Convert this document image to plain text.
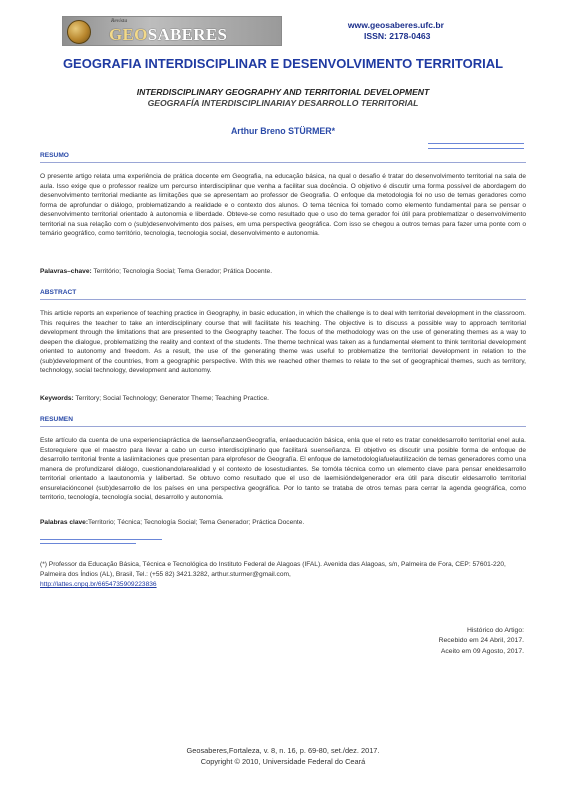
Revista
GEOSABERES	www.geosaberes.ufc.br
ISSN: 2178-0463
GEOGRAFIA INTERDISCIPLINAR E DESENVOLVIMENTO TERRITORIAL
INTERDISCIPLINARY GEOGRAPHY AND TERRITORIAL DEVELOPMENT
GEOGRAFÍA INTERDISCIPLINARIAY DESARROLLO TERRITORIAL
Arthur Breno STÜRMER*
RESUMO
O presente artigo relata uma experiência de prática docente em Geografia, na educação básica, na qual o desafio é tratar do desenvolvimento territorial na sala de aula. Isso exige que o professor realize um percurso interdisciplinar que venha a facilitar sua docência. O objetivo é discutir uma forma possível de abordagem do desenvolvimento territorial mediante as limitações que se apresentam ao professor de Geografia. O enfoque da metodologia foi no uso de temas geradores como forma de aprofundar o diálogo, problematizando a realidade e o contexto dos alunos. O tema técnica foi tomado como elemento fundamental para se pensar o desenvolvimento territorial orientado à autonomia e liberdade. Obteve-se como resultado que o uso do tema gerador foi útil para problematizar o desenvolvimento territorial na sua relação com o (sub)desenvolvimento dos países, em uma perspectiva geográfica. Com isso se chegou a outros temas para fazer uma ponte com o temário geográfico, como território, tecnologia, tecnologia social, desenvolvimento e autonomia.
Palavras–chave: Território; Tecnologia Social; Tema Gerador; Prática Docente.
ABSTRACT
This article reports an experience of teaching practice in Geography, in basic education, in which the challenge is to deal with territorial development in the classroom. This requires the teacher to take an interdisciplinary course that will facilitate his teaching. The objective is to discuss a possible way to approach territorial development through the limitations that are presented to the Geography teacher. The focus of the methodology was on the use of generating themes as a way to deepen the dialogue, problematizing the reality and context of the students. The theme technical was taken as a fundamental element to think territorial development oriented to autonomy and freedom. As a result, the use of the generating theme was useful to problematize the territorial development in relation to the (sub)development of the countries, from a geographic perspective. With this we reached other themes to relate to the set of geographical themes, such as territory, technology, social technology, development and autonomy.
Keywords: Territory; Social Technology; Generator Theme; Teaching Practice.
RESUMEN
Este artículo da cuenta de una experienciapráctica de laenseñanzaenGeografía, enlaeducación básica, enla que el reto es tratar coneldesarrollo territorial enel aula. Estorequiere que el maestro para llevar a cabo un curso interdisciplinario que facilitará suenseñanza. El objetivo es discutir una posible forma de enfoque de desarrollo territorial frente a laslimitaciones que presentan para elprofesor de Geografía. El enfoque de lametodologíafuelautilización de temas generadores como una manera de profundizarel diálogo, cuestionandolarealidad y el contexto de losestudiantes. Se tomóla técnica como un elemento clave para pensar eneldesarrollo territorial orientado a laautonomía y lalibertad. Se obtuvo como resultado que el uso de laemisióndelgenerador era útil para discutir eldesarrollo territorial ensurelaciónconel (sub)desarrollo de los países en una perspectiva geográfica. Por lo tanto se trataba de otros temas para cerrar la agenda geográfica, como territorio, tecnología, tecnología social, desarrollo y autonomía.
Palabras clave:Territorio; Técnica; Tecnología Social; Tema Generador; Práctica Docente.
(*) Professor da Educação Básica, Técnica e Tecnológica do Instituto Federal de Alagoas (IFAL). Avenida das Alagoas, s/n, Palmeira de Fora, CEP: 57601-220, Palmeira dos Índios (AL), Brasil, Tel.: (+55 82) 3421.3282, arthur.sturmer@gmail.com,
http://lattes.cnpq.br/6654735909223836
Histórico do Artigo:
Recebido em 24 Abril, 2017.
Aceito em 09 Agosto, 2017.
Geosaberes,Fortaleza, v. 8, n. 16, p. 69-80, set./dez. 2017.
Copyright © 2010, Universidade Federal do Ceará
